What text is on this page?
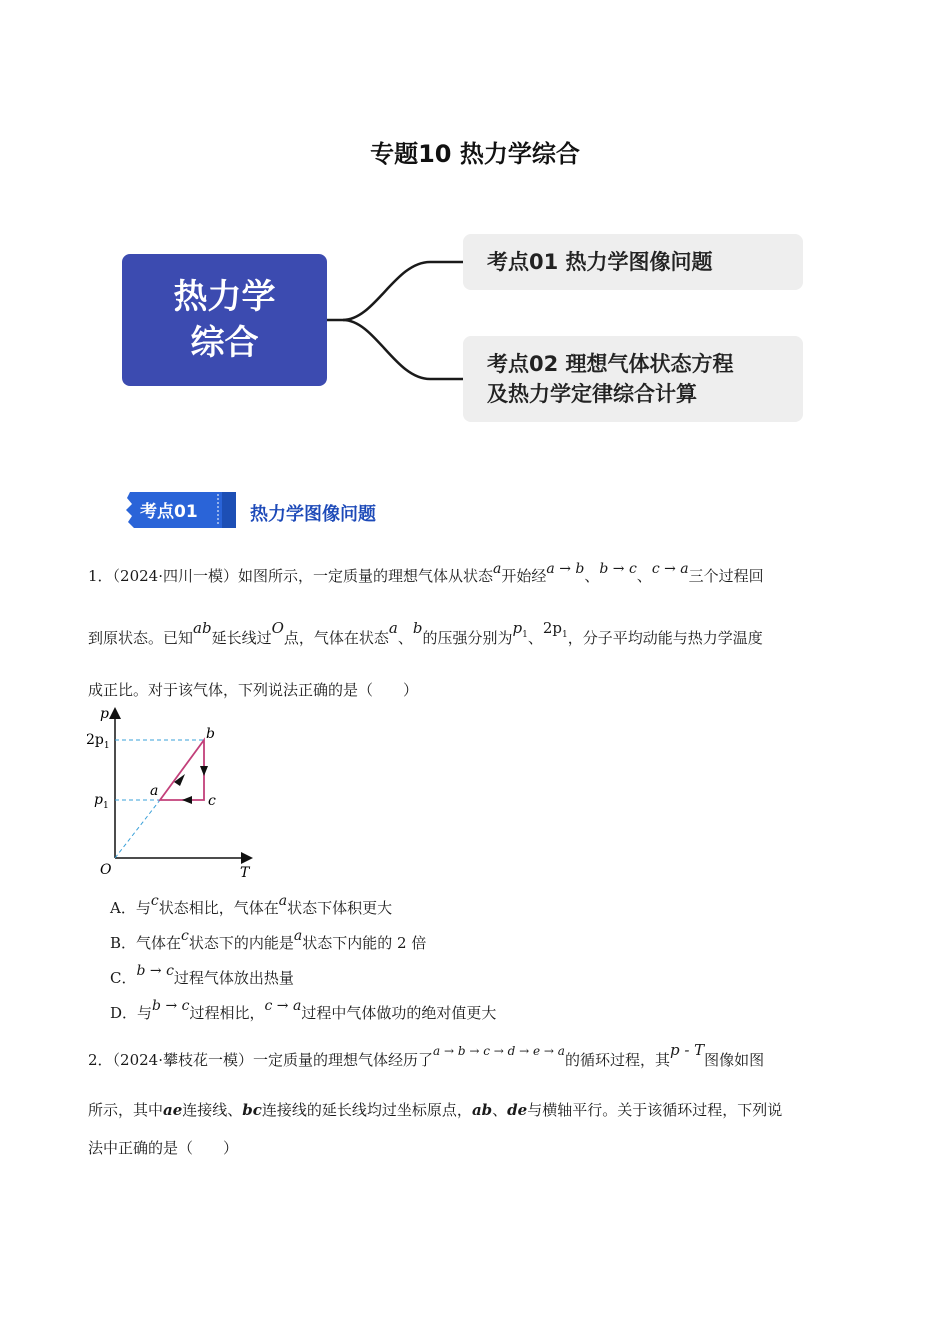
专题10 热力学综合
热力学
综合
考点01 热力学图像问题
考点02 理想气体状态方程
及热力学定律综合计算
考点01	热力学图像问题
1．（2024·四川一模）如图所示，一定质量的理想气体从状态a开始经a → b、b → c、c → a三个过程回
到原状态。已知ab延长线过O点，气体在状态a、b的压强分别为$p_1$、$2p_1$，分子平均动能与热力学温度
成正比。对于该气体，下列说法正确的是（　　）
p
T
O
$2p_1$
$p_1$
a
b
c
A．与c状态相比，气体在a状态下体积更大
B．气体在c状态下的内能是a状态下内能的 2 倍
C．b → c过程气体放出热量
D．与b → c过程相比，c → a过程中气体做功的绝对值更大
2．（2024·攀枝花一模）一定质量的理想气体经历了$^{a \to b \to c \to d \to e \to a}$的循环过程，其p - T图像如图
所示，其中ae连接线、bc连接线的延长线均过坐标原点，ab、de与横轴平行。关于该循环过程，下列说
法中正确的是（　　）
